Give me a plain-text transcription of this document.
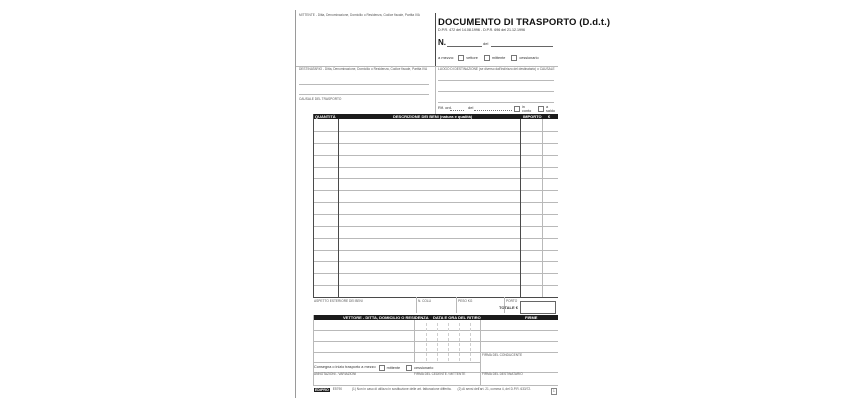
MITTENTE - Ditta, Denominazione, Domicilio o Residenza, Codice fiscale, Partita IVA
DOCUMENTO DI TRASPORTO (D.d.t.)
D.P.R. 472 del 14.08.1996 - D.P.R. 696 del 21.12.1996
N.	del
a mezzo:	vettore	mittente	cessionario
DESTINATARIO - Ditta, Denominazione, Domicilio o Residenza, Codice fiscale, Partita IVA	LUOGO DI DESTINAZIONE (se diverso dall'indirizzo del destinatario) o CAUSALE
CAUSALE DEL TRASPORTO
Rif. ord.	del	in conto
a saldo
QUANTITÀ	DESCRIZIONE DEI BENI (natura e qualità)	IMPORTO €
ASPETTO ESTERIORE DEI BENI	N. COLLI	PESO KG	PORTO
TOTALE €
VETTORE - DITTA, DOMICILIO O RESIDENZA DATA E ORA DEL RITIRO	FIRME
FIRMA DEL CONDUCENTE
Consegna o inizio trasporto a mezzo	mittente	cessionario
ANNOTAZIONI - VARIAZIONI	FIRMA DEL CEDENTE / MITTENTE	FIRMA DEL DESTINATARIO
EDIPRO	E5790	(1) Non in caso di utilizzo in sostituzione delle art. fatturazione differita. (2) Ai sensi dell'art. 21, comma 4, del D.P.R. 633/72.	1
